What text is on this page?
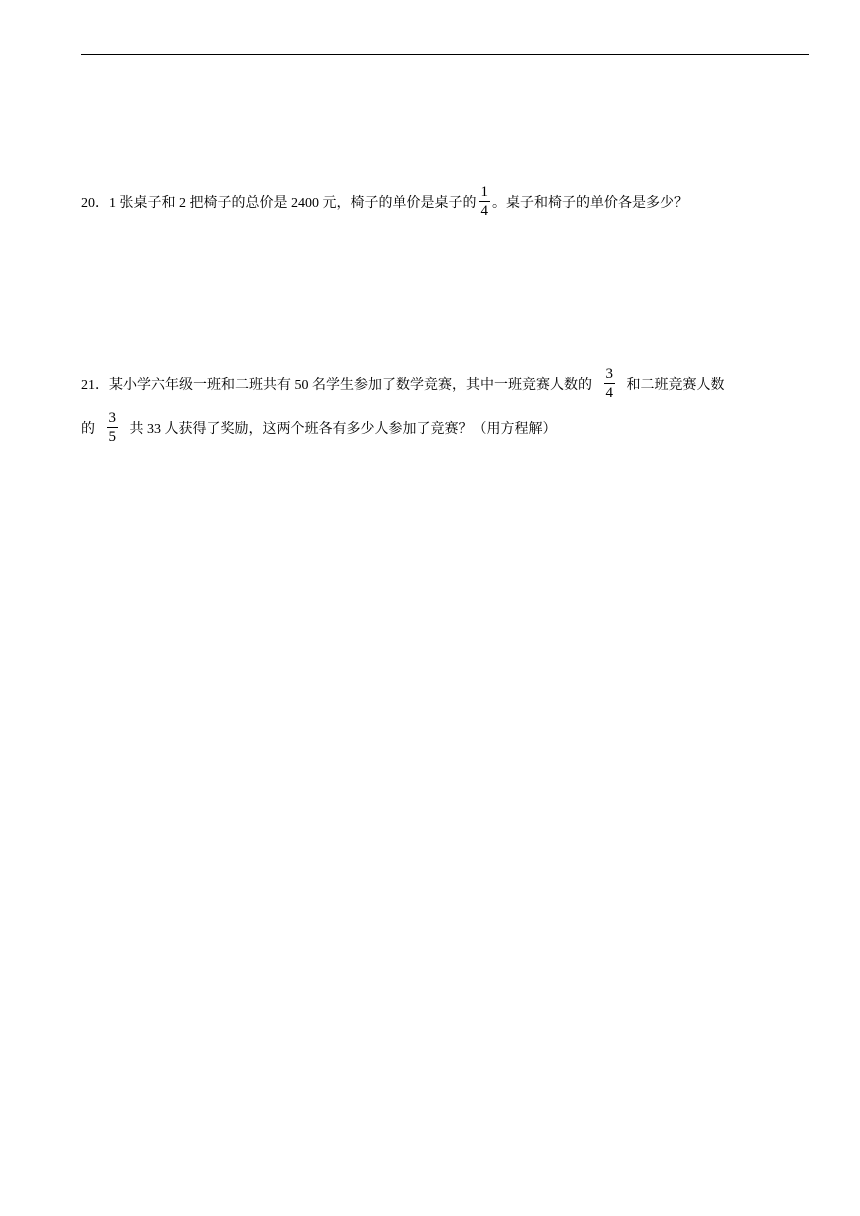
20．1 张桌子和 2 把椅子的总价是 2400 元，椅子的单价是桌子的 $\frac{1}{4}$ 。桌子和椅子的单价各是多少？
21．某小学六年级一班和二班共有 50 名学生参加了数学竞赛，其中一班竞赛人数的 $\frac{3}{4}$ 和二班竞赛人数
的 $\frac{3}{5}$ 共 33 人获得了奖励，这两个班各有多少人参加了竞赛？（用方程解）
